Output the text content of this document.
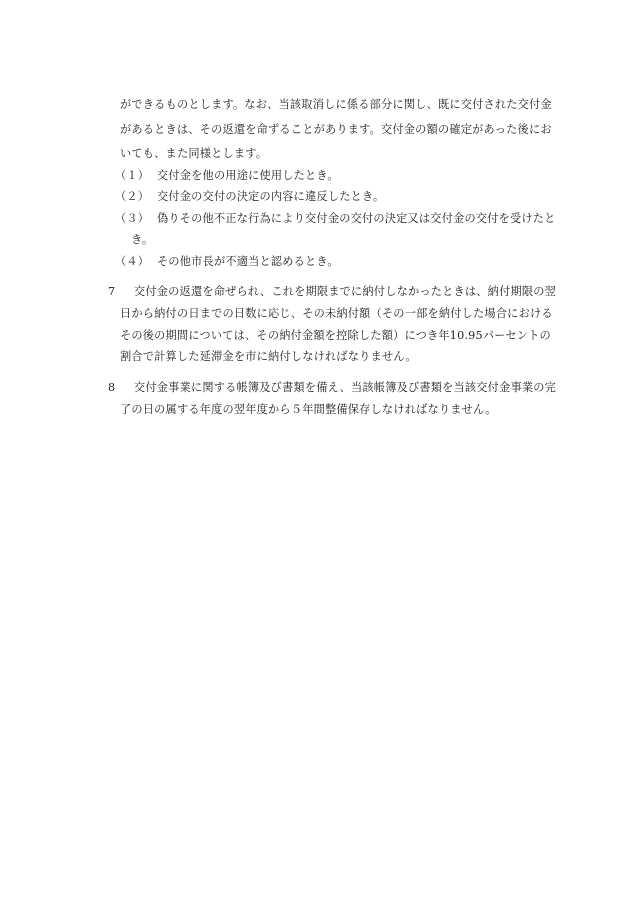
ができるものとします。なお、当該取消しに係る部分に関し、既に交付された交付金
があるときは、その返還を命ずることがあります。交付金の額の確定があった後にお
いても、また同様とします。
（１） 交付金を他の用途に使用したとき。
（２） 交付金の交付の決定の内容に違反したとき。
（３） 偽りその他不正な行為により交付金の交付の決定又は交付金の交付を受けたと
き。
（４） その他市長が不適当と認めるとき。
7 交付金の返還を命ぜられ、これを期限までに納付しなかったときは、納付期限の翌
日から納付の日までの日数に応じ、その未納付額（その一部を納付した場合における
その後の期間については、その納付金額を控除した額）につき年10.95パーセントの
割合で計算した延滞金を市に納付しなければなりません。
8 交付金事業に関する帳簿及び書類を備え、当該帳簿及び書類を当該交付金事業の完
了の日の属する年度の翌年度から５年間整備保存しなければなりません。
